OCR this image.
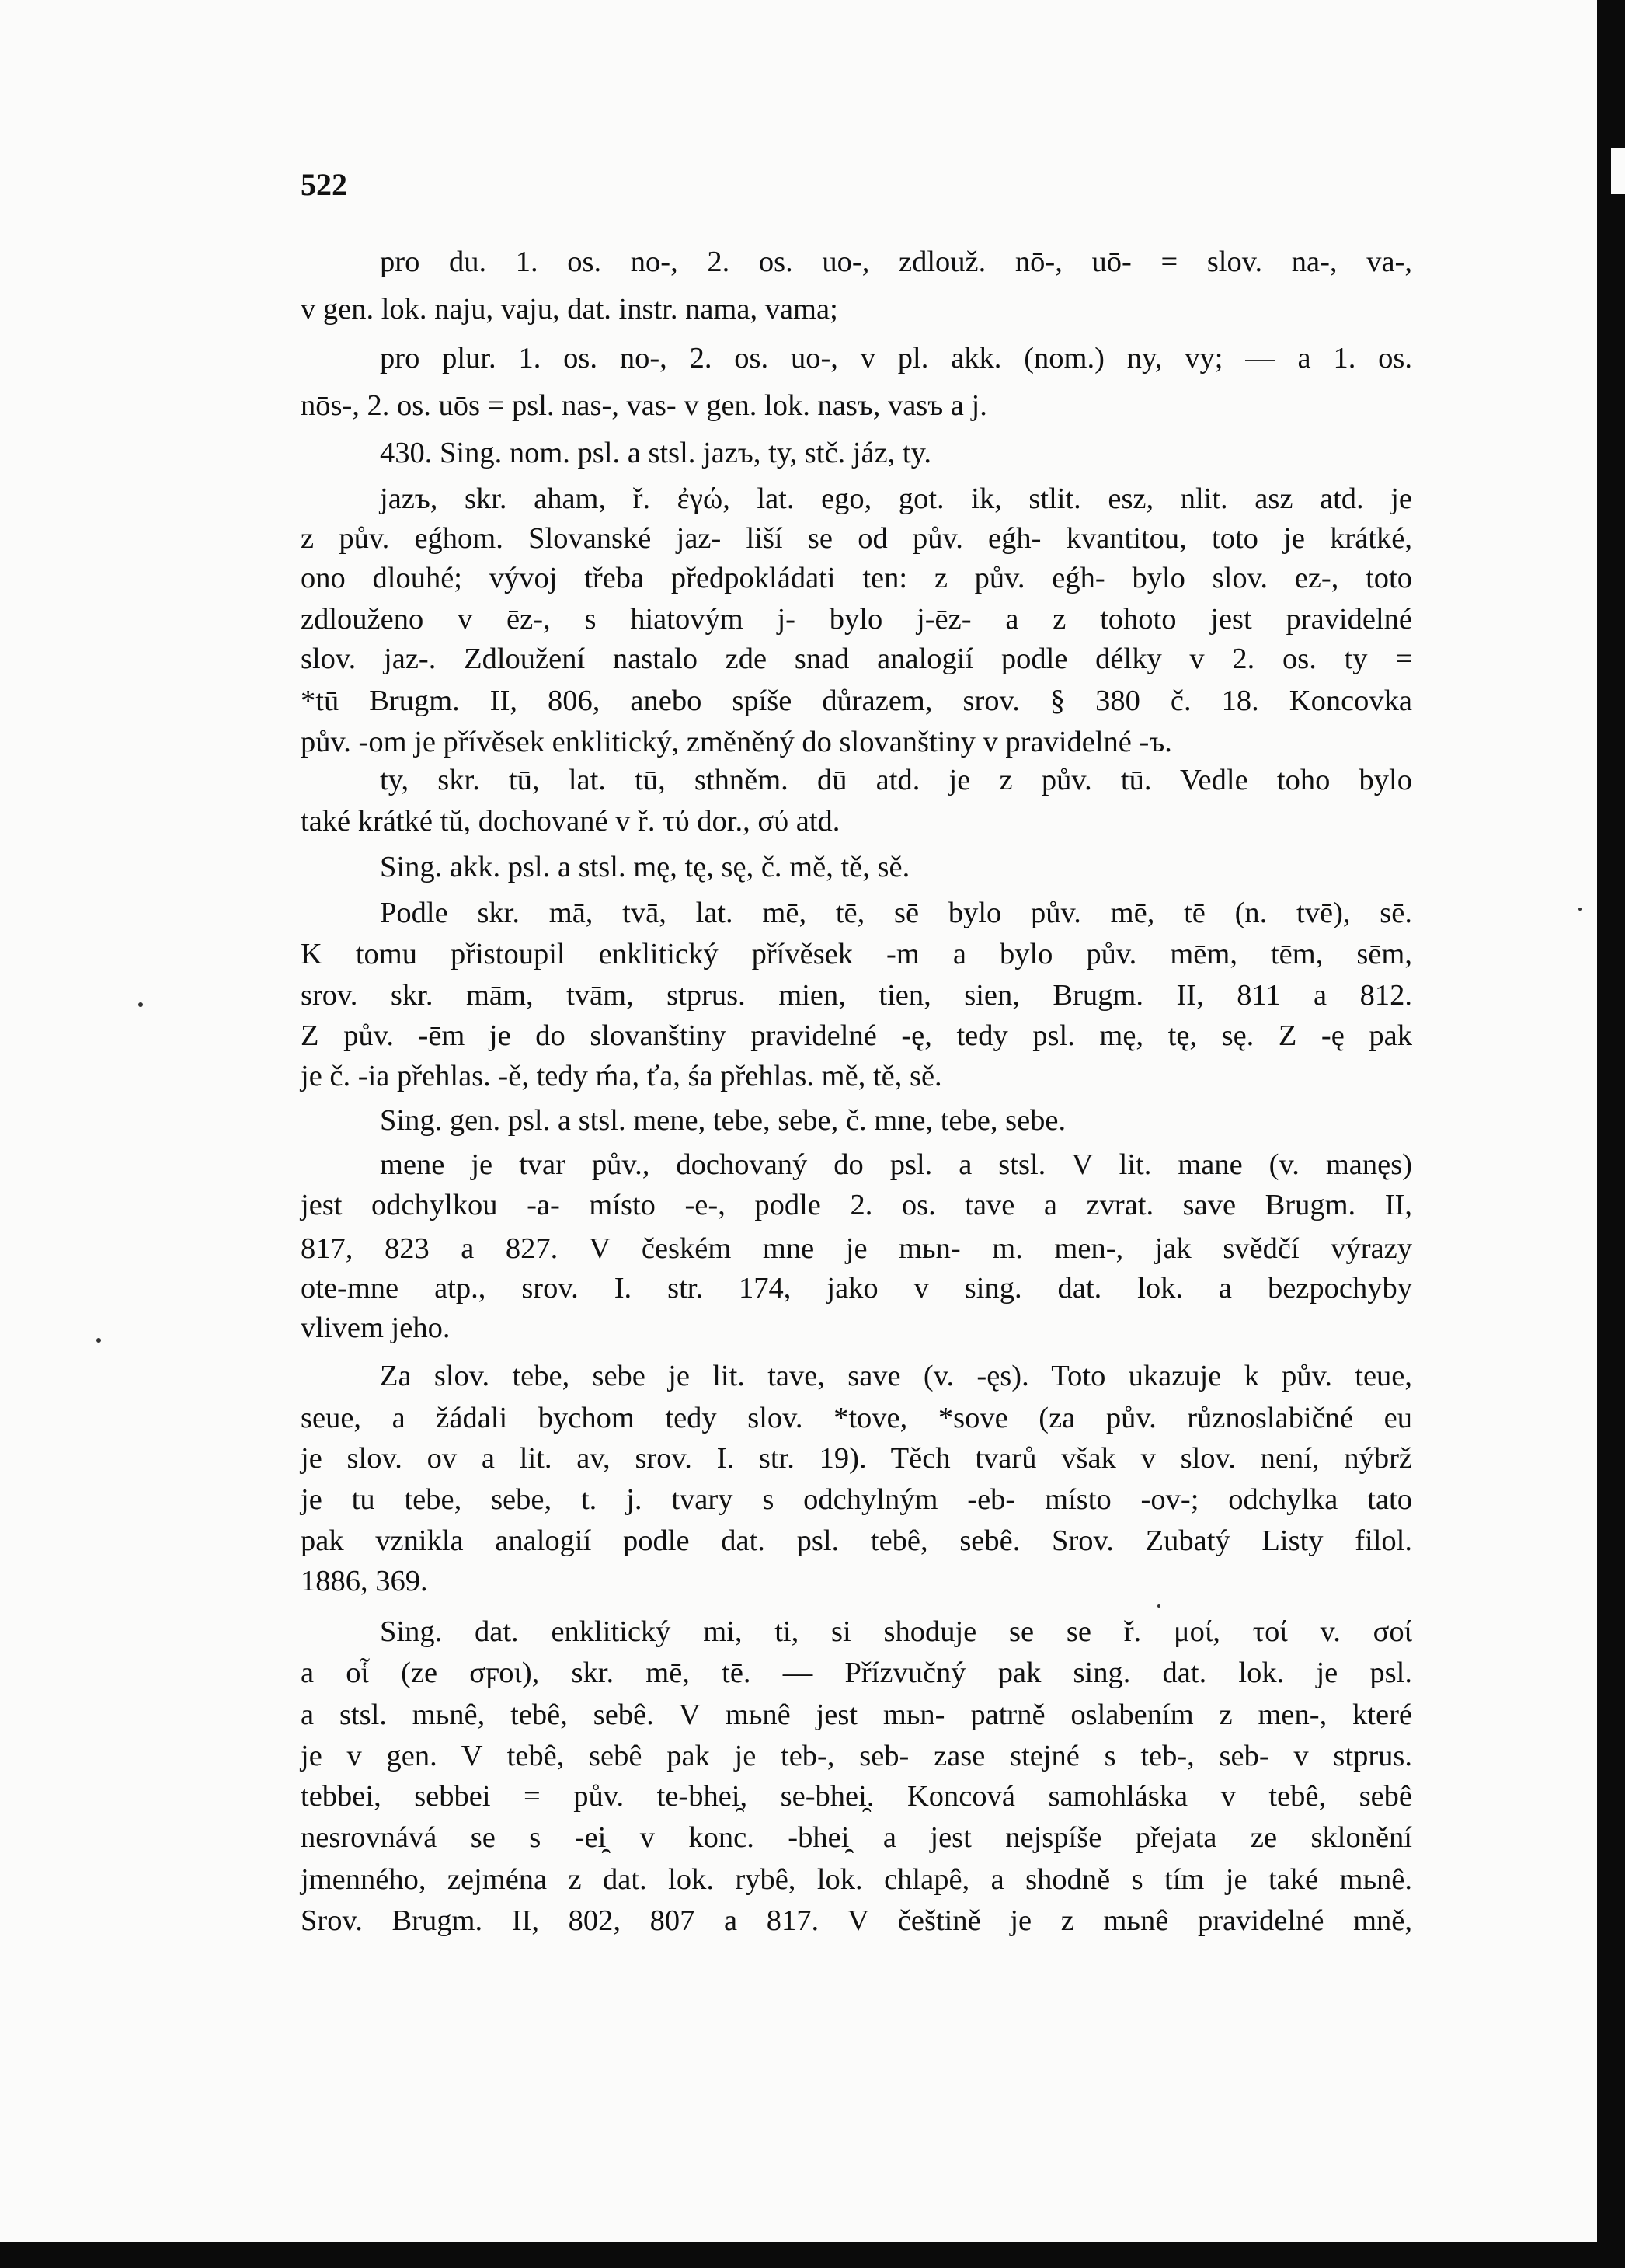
522
pro du. 1. os. no-, 2. os. uo-, zdlouž. nō-, uō- = slov. na-, va-,
v gen. lok. naju, vaju, dat. instr. nama, vama;
pro plur. 1. os. no-, 2. os. uo-, v pl. akk. (nom.) ny, vy; — a 1. os.
nōs-, 2. os. uōs = psl. nas-, vas- v gen. lok. nasъ, vasъ a j.
430. Sing. nom. psl. a stsl. jazъ, ty, stč. jáz, ty.
jazъ, skr. aham, ř. ἐγώ, lat. ego, got. ik, stlit. esz, nlit. asz atd. je
z pův. eǵhom. Slovanské jaz- liší se od pův. eǵh- kvantitou, toto je krátké,
ono dlouhé; vývoj třeba předpokládati ten: z pův. eǵh- bylo slov. ez-, toto
zdlouženo v ēz-, s hiatovým j- bylo j-ēz- a z tohoto jest pravidelné
slov. jaz-. Zdloužení nastalo zde snad analogií podle délky v 2. os. ty =
*tū Brugm. II, 806, anebo spíše důrazem, srov. § 380 č. 18. Koncovka
pův. -om je přívěsek enklitický, změněný do slovanštiny v pravidelné -ъ.
ty, skr. tū, lat. tū, sthněm. dū atd. je z pův. tū. Vedle toho bylo
také krátké tŭ, dochované v ř. τύ dor., σύ atd.
Sing. akk. psl. a stsl. mę, tę, sę, č. mě, tě, sě.
Podle skr. mā, tvā, lat. mē, tē, sē bylo pův. mē, tē (n. tvē), sē.
K tomu přistoupil enklitický přívěsek -m a bylo pův. mēm, tēm, sēm,
srov. skr. mām, tvām, stprus. mien, tien, sien, Brugm. II, 811 a 812.
Z pův. -ēm je do slovanštiny pravidelné -ę, tedy psl. mę, tę, sę. Z -ę pak
je č. -ia přehlas. -ě, tedy ḿa, ťa, śa přehlas. mě, tě, sě.
Sing. gen. psl. a stsl. mene, tebe, sebe, č. mne, tebe, sebe.
mene je tvar pův., dochovaný do psl. a stsl. V lit. mane (v. manęs)
jest odchylkou -a- místo -e-, podle 2. os. tave a zvrat. save Brugm. II,
817, 823 a 827. V českém mne je mьn- m. men-, jak svědčí výrazy
ote-mne atp., srov. I. str. 174, jako v sing. dat. lok. a bezpochyby
vlivem jeho.
Za slov. tebe, sebe je lit. tave, save (v. -ęs). Toto ukazuje k pův. teue,
seue, a žádali bychom tedy slov. *tove, *sove (za pův. různoslabičné eu
je slov. ov a lit. av, srov. I. str. 19). Těch tvarů však v slov. není, nýbrž
je tu tebe, sebe, t. j. tvary s odchylným -eb- místo -ov-; odchylka tato
pak vznikla analogií podle dat. psl. tebê, sebê. Srov. Zubatý Listy filol.
1886, 369.
Sing. dat. enklitický mi, ti, si shoduje se se ř. μοί, τοί v. σοί
a οἷ (ze σϝοι), skr. mē, tē. — Přízvučný pak sing. dat. lok. je psl.
a stsl. mьnê, tebê, sebê. V mьnê jest mьn- patrně oslabením z men-, které
je v gen. V tebê, sebê pak je teb-, seb- zase stejné s teb-, seb- v stprus.
tebbei, sebbei = pův. te-bhei̯, se-bhei̯. Koncová samohláska v tebê, sebê
nesrovnává se s -ei̯ v konc. -bhei̯ a jest nejspíše přejata ze sklonění
jmenného, zejména z dat. lok. rybê, lok. chlapê, a shodně s tím je také mьnê.
Srov. Brugm. II, 802, 807 a 817. V češtině je z mьnê pravidelné mně,
